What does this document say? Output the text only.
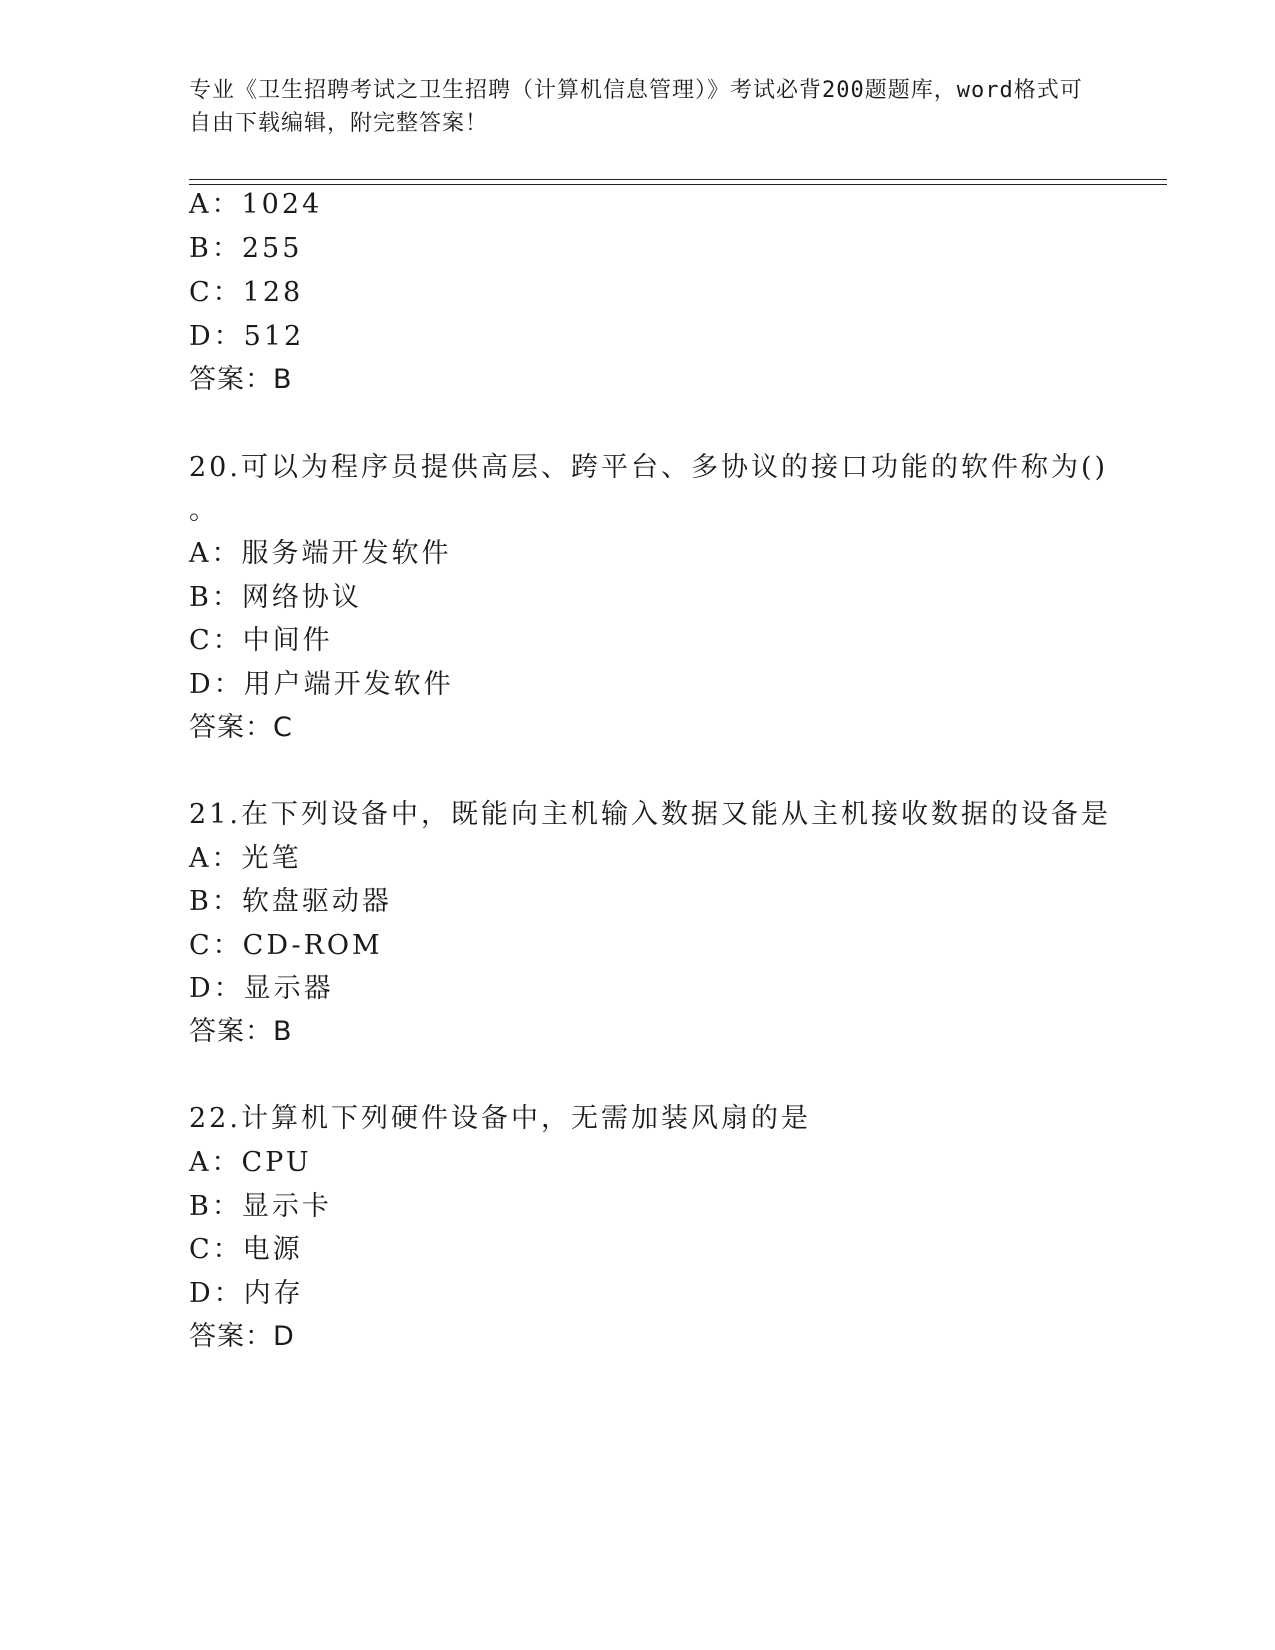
专业《卫生招聘考试之卫生招聘（计算机信息管理）》考试必背200题题库，word格式可自由下载编辑，附完整答案！
A：1024
B：255
C：128
D：512
答案：B
20.可以为程序员提供高层、跨平台、多协议的接口功能的软件称为()
。
A：服务端开发软件
B：网络协议
C：中间件
D：用户端开发软件
答案：C
21.在下列设备中，既能向主机输入数据又能从主机接收数据的设备是
A：光笔
B：软盘驱动器
C：CD-ROM
D：显示器
答案：B
22.计算机下列硬件设备中，无需加装风扇的是
A：CPU
B：显示卡
C：电源
D：内存
答案：D
